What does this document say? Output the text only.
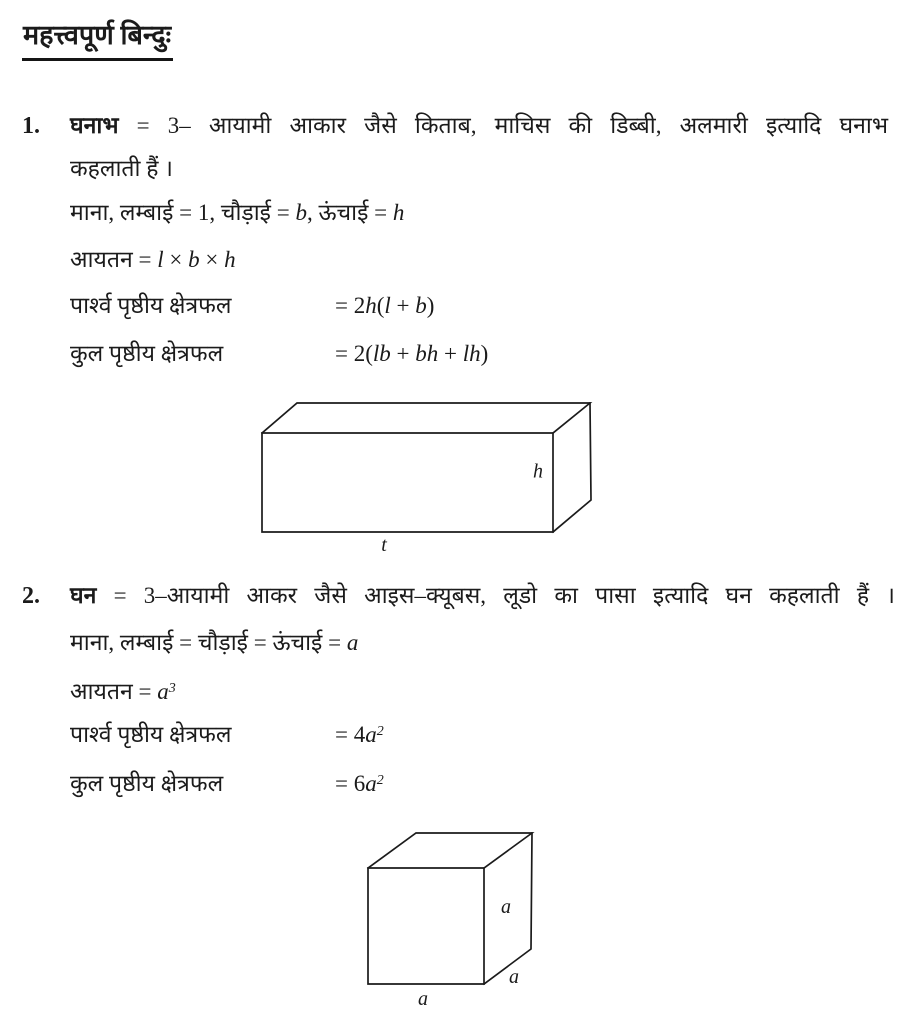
महत्त्वपूर्ण बिन्दुः
1. घनाभ = 3– आयामी आकार जैसे किताब, माचिस की डिब्बी, अलमारी इत्यादि घनाभ
कहलाती हैं ।
माना, लम्बाई = 1, चौड़ाई = b, ऊंचाई = h
आयतन = l × b × h
पार्श्व पृष्ठीय क्षेत्रफल	= 2h(l + b)
कुल पृष्ठीय क्षेत्रफल	= 2(lb + bh + lh)
h
t
2. घन = 3–आयामी आकर जैसे आइस–क्यूबस, लूडो का पासा इत्यादि घन कहलाती हैं ।
माना, लम्बाई = चौड़ाई = ऊंचाई = a
आयतन = $a^3$
पार्श्व पृष्ठीय क्षेत्रफल	= $4a^2$
कुल पृष्ठीय क्षेत्रफल	= $6a^2$
a
a
a
